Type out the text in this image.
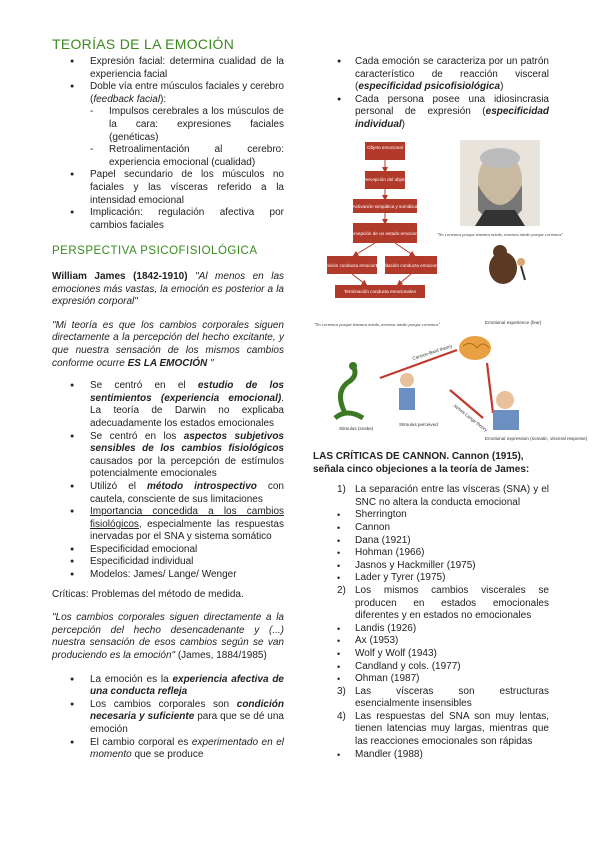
TEORÍAS DE LA EMOCIÓN
● Expresión facial: determina cualidad de la experiencia facial
● Doble vía entre músculos faciales y cerebro (feedback facial):
- Impulsos cerebrales a los músculos de la cara: expresiones faciales (genéticas)
- Retroalimentación al cerebro: experiencia emocional (cualidad)
● Papel secundario de los músculos no faciales y las vísceras referido a la intensidad emocional
● Implicación: regulación afectiva por cambios faciales
PERSPECTIVA PSICOFISIOLÓGICA

William James (1842-1910) "Al menos en las emociones más vastas, la emoción es posterior a la expresión corporal"

"Mi teoría es que los cambios corporales siguen directamente a la percepción del hecho excitante, y que nuestra sensación de los mismos cambios conforme ocurre ES LA EMOCIÓN "

● Se centró en el estudio de los sentimientos (experiencia emocional). La teoría de Darwin no explicaba adecuadamente los estados emocionales
● Se centró en los aspectos subjetivos sensibles de los cambios fisiológicos causados por la percepción de estímulos potencialmente emocionales
● Utilizó el método introspectivo con cautela, consciente de sus limitaciones
● Importancia concedida a los cambios fisiológicos, especialmente las respuestas inervadas por el SNA y sistema somático
● Especificidad emocional
● Especificidad individual
● Modelos: James/ Lange/ Wenger

Críticas: Problemas del método de medida.

"Los cambios corporales siguen directamente a la percepción del hecho desencadenante y (...) nuestra sensación de esos cambios según se van produciendo es la emoción" (James, 1884/1985)

● La emoción es la experiencia afectiva de una conducta refleja
● Los cambios corporales son condición necesaria y suficiente para que se dé una emoción
● El cambio corporal es experimentado en el momento que se produce
● Cada emoción se caracteriza por un patrón característico de reacción visceral (especificidad psicofisiológica)
● Cada persona posee una idiosincrasia personal de expresión (especificidad individual)
Objeto emocional
Percepción del objeto
Activación simpática y somática
Percepción de un estado emocional
Inhibición conducta emocionales
Facilitación conducta emocionales
Terminación conducta emocionales
"No corremos porque tenemos miedo, tenemos miedo porque corremos"
"No corremos porque tenemos miedo, tenemos miedo porque corremos"	Emotional experience (fear)
Cannon-Bard theory
James-Lange theory
Stimulus (snake)
Stimulus perceived
Emotional expression (somatic, visceral response)

LAS CRÍTICAS DE CANNON. Cannon (1915), señala cinco objeciones a la teoría de James:

1) La separación entre las vísceras (SNA) y el SNC no altera la conducta emocional
• Sherrington
• Cannon
• Dana (1921)
• Hohman (1966)
• Jasnos y Hackmiller (1975)
• Lader y Tyrer (1975)
2) Los mismos cambios viscerales se producen en estados emocionales diferentes y en estados no emocionales
• Landis (1926)
• Ax (1953)
• Wolf y Wolf (1943)
• Candland y cols. (1977)
• Ohman (1987)
3) Las vísceras son estructuras esencialmente insensibles
4) Las respuestas del SNA son muy lentas, tienen latencias muy largas, mientras que las reacciones emocionales son rápidas
• Mandler (1988)
